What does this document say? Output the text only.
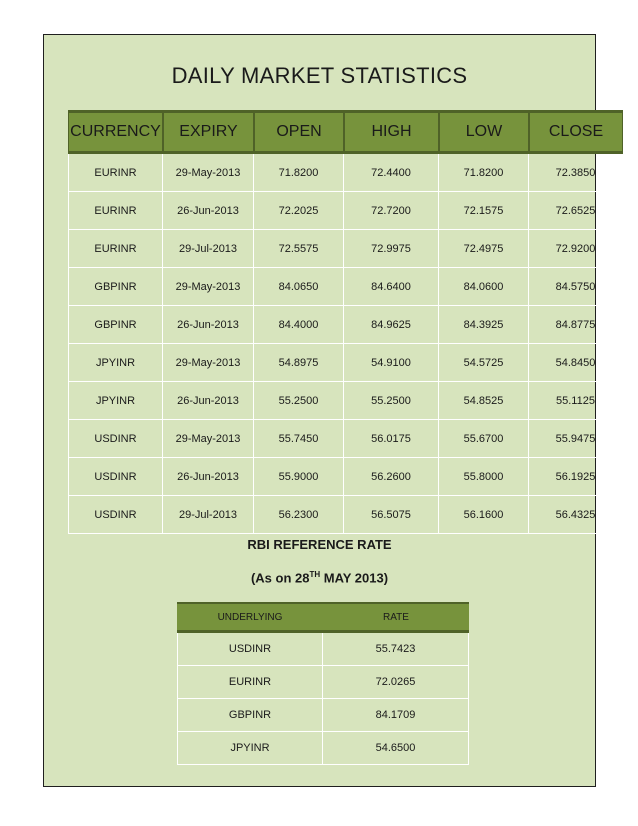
DAILY MARKET STATISTICS
CURRENCY	EXPIRY	OPEN	HIGH	LOW	CLOSE
EURINR	29-May-2013	71.8200	72.4400	71.8200	72.3850
EURINR	26-Jun-2013	72.2025	72.7200	72.1575	72.6525
EURINR	29-Jul-2013	72.5575	72.9975	72.4975	72.9200
GBPINR	29-May-2013	84.0650	84.6400	84.0600	84.5750
GBPINR	26-Jun-2013	84.4000	84.9625	84.3925	84.8775
JPYINR	29-May-2013	54.8975	54.9100	54.5725	54.8450
JPYINR	26-Jun-2013	55.2500	55.2500	54.8525	55.1125
USDINR	29-May-2013	55.7450	56.0175	55.6700	55.9475
USDINR	26-Jun-2013	55.9000	56.2600	55.8000	56.1925
USDINR	29-Jul-2013	56.2300	56.5075	56.1600	56.4325
RBI REFERENCE RATE
(As on 28TH MAY 2013)
UNDERLYING	RATE
USDINR	55.7423
EURINR	72.0265
GBPINR	84.1709
JPYINR	54.6500
